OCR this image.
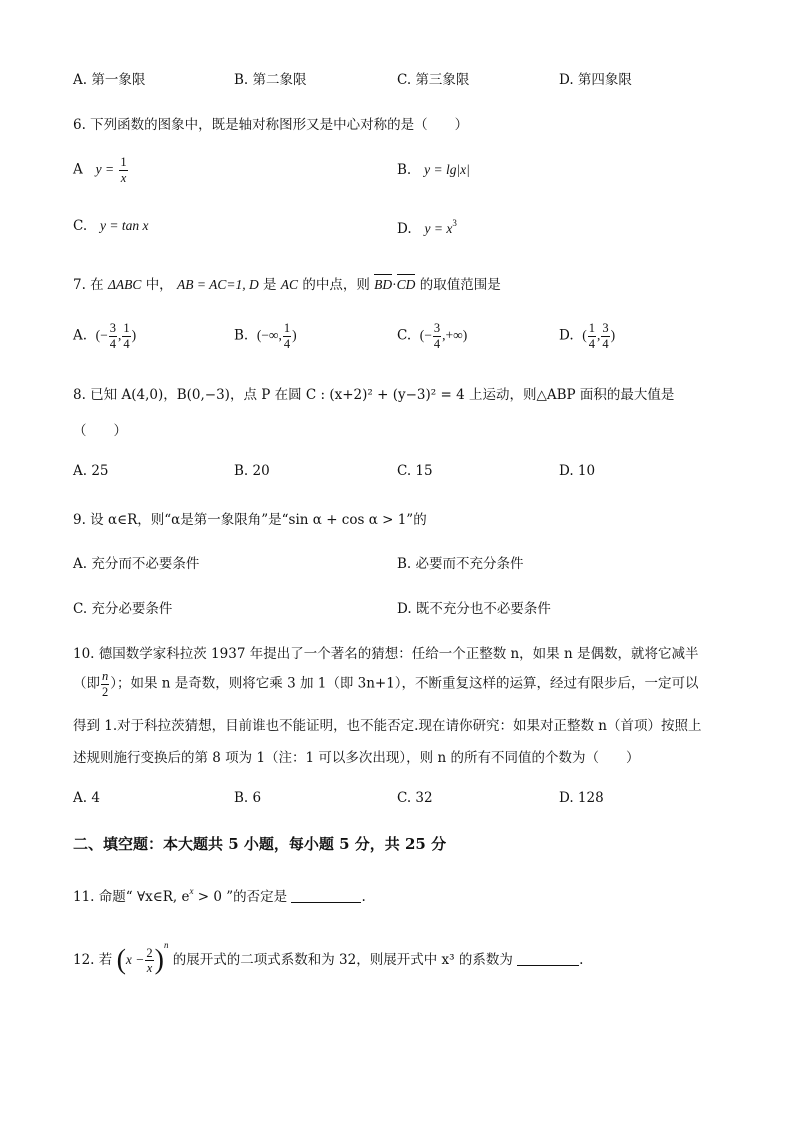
A. 第一象限	B. 第二象限	C. 第三象限	D. 第四象限
6. 下列函数的图象中，既是轴对称图形又是中心对称的是（　　）
A $y = \frac{1}{x}$	B. y = lg|x|
C. y = tan x	D. $y = x^3$
7. 在 ΔABC 中， AB = AC=1, D 是 AC 的中点，则 BD·CD 的取值范围是
A. (− $\frac{3}{4}$ , $\frac{1}{4}$ )	B. (−∞, $\frac{1}{4}$ )	C. (− $\frac{3}{4}$ ,+∞)	D. ( $\frac{1}{4}$ , $\frac{3}{4}$ )
8. 已知 A(4,0)，B(0,−3)，点 P 在圆 C : (x+2)² + (y−3)² = 4 上运动，则△ABP 面积的最大值是
（　　）
A. 25	B. 20	C. 15	D. 10
9. 设 α∈R，则“α是第一象限角”是“sin α + cos α > 1”的
A. 充分而不必要条件	B. 必要而不充分条件
C. 充分必要条件	D. 既不充分也不必要条件
10. 德国数学家科拉茨 1937 年提出了一个著名的猜想：任给一个正整数 n，如果 n 是偶数，就将它减半
（即 $\frac{n}{2}$ ）；如果 n 是奇数，则将它乘 3 加 1（即 3n+1），不断重复这样的运算，经过有限步后，一定可以
得到 1.对于科拉茨猜想，目前谁也不能证明，也不能否定.现在请你研究：如果对正整数 n（首项）按照上
述规则施行变换后的第 8 项为 1（注：1 可以多次出现），则 n 的所有不同值的个数为（　　）
A. 4	B. 6	C. 32	D. 128
二、填空题：本大题共 5 小题，每小题 5 分，共 25 分
11. 命题“ ∀x∈R, $e^x > 0$ ”的否定是	.
12. 若 $(x - \frac{2}{x} )^n$ 的展开式的二项式系数和为 32，则展开式中 x³ 的系数为	.
